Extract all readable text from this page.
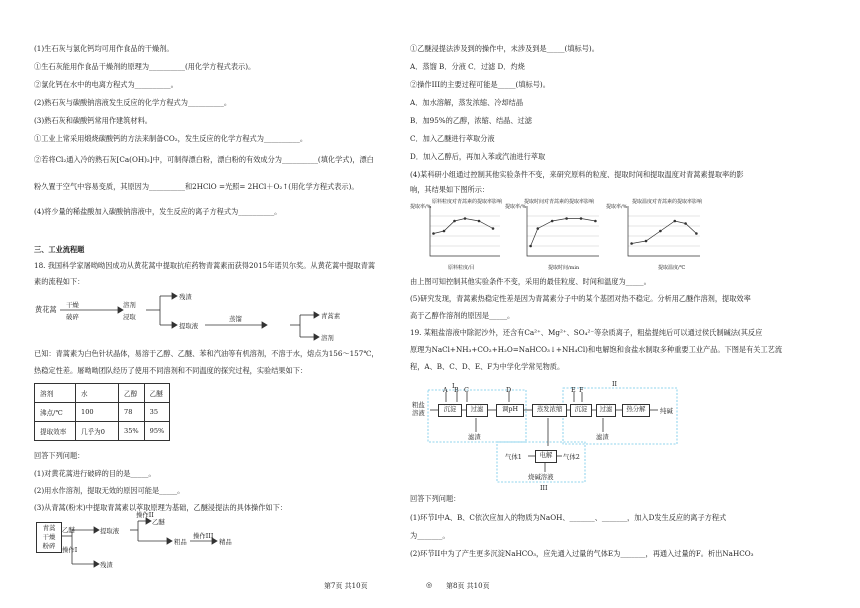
(1)生石灰与氯化钙均可用作食品的干燥剂。
①生石灰能用作食品干燥剂的原理为__________(用化学方程式表示)。
②氯化钙在水中的电离方程式为__________。
(2)熟石灰与碳酸钠溶液发生反应的化学方程式为__________。
(3)熟石灰和碳酸钙常用作建筑材料。
①工业上常采用煅烧碳酸钙的方法来制备CO₂，发生反应的化学方程式为__________。
②若将Cl₂通入冷的熟石灰[Ca(OH)₂]中，可制得漂白粉，漂白粉的有效成分为__________(填化学式)，漂白
粉久置于空气中容易变质，其原因为__________和2HClO =光照= 2HCl＋O₂↑(用化学方程式表示)。
(4)将少量的稀盐酸加入碳酸钠溶液中，发生反应的离子方程式为__________。
三、工业流程题
18. 我国科学家屠呦呦因成功从黄花蒿中提取抗疟药物青蒿素而获得2015年诺贝尔奖。从黄花蒿中提取青蒿
素的流程如下：
黄花蒿 干燥
破碎
溶剂
浸取
残渣
提取液
蒸馏	青蒿素
溶剂
已知：青蒿素为白色针状晶体，易溶于乙醇、乙醚、苯和汽油等有机溶剂，不溶于水，熔点为156～157℃，
热稳定性差。屠呦呦团队经历了使用不同溶剂和不同温度的探究过程，实验结果如下：
溶剂	水	乙醇	乙醚
沸点/℃	100	78	35
提取效率	几乎为0	35%	95%
回答下列问题：
(1)对黄花蒿进行破碎的目的是_____。
(2)用水作溶剂，提取无效的原因可能是_____。
(3)从青蒿(粉末)中提取青蒿素以萃取原理为基础，乙醚浸提法的具体操作如下：
青蒿
干燥
粉碎
乙醚
操作I
提取液
操作II
乙醚
粗品
操作III
精品
残渣
①乙醚浸提法涉及到的操作中，未涉及到是_____(填标号)。
A．蒸馏 B．分液 C．过滤 D．灼烧
②操作III的主要过程可能是_____(填标号)。
A．加水溶解，蒸发浓缩、冷却结晶
B．加95%的乙醇，浓缩、结晶、过滤
C．加入乙醚进行萃取分液
D．加入乙醇后，再加入苯或汽油进行萃取
(4)某科研小组通过控制其他实验条件不变，来研究原料的粒度、提取时间和提取温度对青蒿素提取率的影
响，其结果如下图所示：
原料粒度对青蒿素的提取率影响	提取时间对青蒿素的提取率影响	提取温度对青蒿素的提取率影响
提取率/%	提取率/%	提取率/%
原料粒度/目	提取时间/min	提取温度/℃
由上图可知控制其他实验条件不变，采用的最佳粒度、时间和温度为_____。
(5)研究发现，青蒿素热稳定性差是因为青蒿素分子中的某个基团对热不稳定。分析用乙醚作溶剂，提取效率
高于乙醇作溶剂的原因是_____。
19. 某粗盐溶液中除泥沙外，还含有Ca²⁺、Mg²⁺、SO₄²⁻等杂质离子，粗盐提纯后可以通过侯氏制碱法(其反应
原理为NaCl+NH₃+CO₂+H₂O=NaHCO₃↓+NH₄Cl)和电解饱和食盐水制取多种重要工业产品。下图是有关工艺流
程，A、B、C、D、E、F为中学化学常见物质。
I	II
III
粗盐
溶液
A B C	D	E F
沉淀	过滤	调pH	蒸发浓缩	沉淀	过滤	热分解	纯碱
滤渣	滤渣
气体1	电解	气体2
烧碱溶液
回答下列问题：
(1)环节I中A、B、C依次应加入的物质为NaOH、_______、_______，加入D发生反应的离子方程式
为_______。
(2)环节II中为了产生更多沉淀NaHCO₃，应先通入过量的气体E为_______，再通入过量的F。析出NaHCO₃
第7页 共10页	◎ 第8页 共10页
